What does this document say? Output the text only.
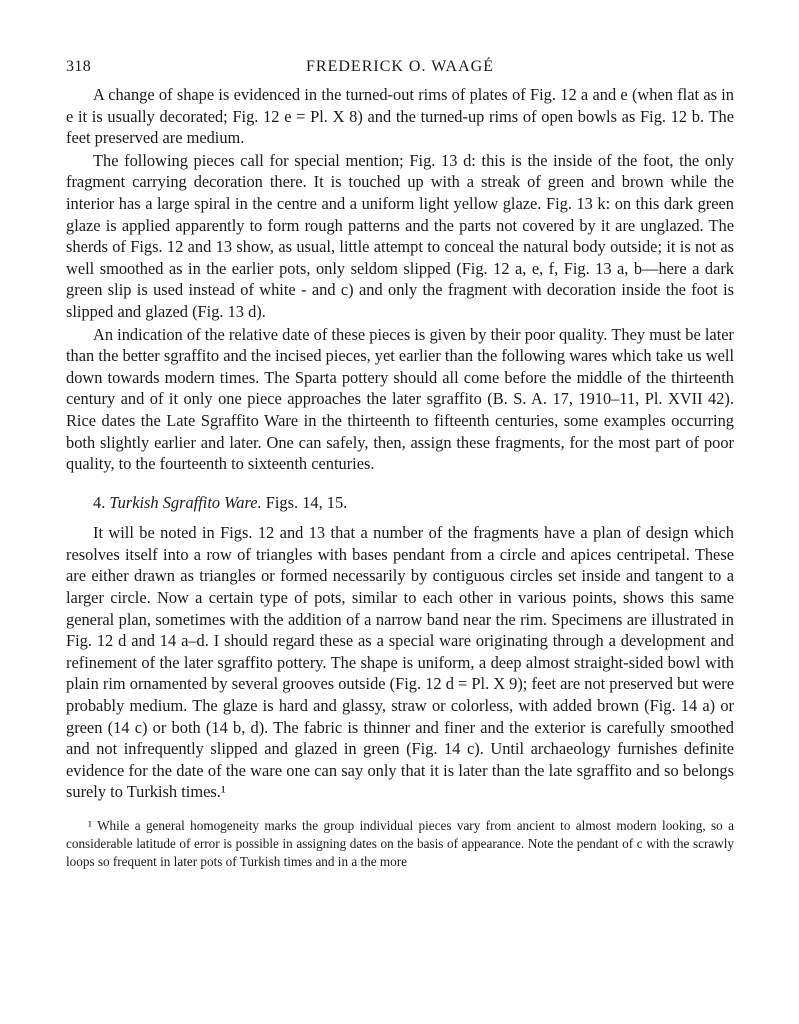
318	FREDERICK O. WAAGÉ

A change of shape is evidenced in the turned-out rims of plates of Fig. 12 a and e (when flat as in e it is usually decorated; Fig. 12 e = Pl. X 8) and the turned-up rims of open bowls as Fig. 12 b. The feet preserved are medium.

The following pieces call for special mention; Fig. 13 d: this is the inside of the foot, the only fragment carrying decoration there. It is touched up with a streak of green and brown while the interior has a large spiral in the centre and a uniform light yellow glaze. Fig. 13 k: on this dark green glaze is applied apparently to form rough patterns and the parts not covered by it are unglazed. The sherds of Figs. 12 and 13 show, as usual, little attempt to conceal the natural body outside; it is not as well smoothed as in the earlier pots, only seldom slipped (Fig. 12 a, e, f, Fig. 13 a, b—here a dark green slip is used instead of white - and c) and only the fragment with decoration inside the foot is slipped and glazed (Fig. 13 d).

An indication of the relative date of these pieces is given by their poor quality. They must be later than the better sgraffito and the incised pieces, yet earlier than the following wares which take us well down towards modern times. The Sparta pottery should all come before the middle of the thirteenth century and of it only one piece approaches the later sgraffito (B. S. A. 17, 1910–11, Pl. XVII 42). Rice dates the Late Sgraffito Ware in the thirteenth to fifteenth centuries, some examples occurring both slightly earlier and later. One can safely, then, assign these fragments, for the most part of poor quality, to the fourteenth to sixteenth centuries.

4. Turkish Sgraffito Ware. Figs. 14, 15.

It will be noted in Figs. 12 and 13 that a number of the fragments have a plan of design which resolves itself into a row of triangles with bases pendant from a circle and apices centripetal. These are either drawn as triangles or formed necessarily by contiguous circles set inside and tangent to a larger circle. Now a certain type of pots, similar to each other in various points, shows this same general plan, sometimes with the addition of a narrow band near the rim. Specimens are illustrated in Fig. 12 d and 14 a–d. I should regard these as a special ware originating through a development and refinement of the later sgraffito pottery. The shape is uniform, a deep almost straight-sided bowl with plain rim ornamented by several grooves outside (Fig. 12 d = Pl. X 9); feet are not preserved but were probably medium. The glaze is hard and glassy, straw or colorless, with added brown (Fig. 14 a) or green (14 c) or both (14 b, d). The fabric is thinner and finer and the exterior is carefully smoothed and not infrequently slipped and glazed in green (Fig. 14 c). Until archaeology furnishes definite evidence for the date of the ware one can say only that it is later than the late sgraffito and so belongs surely to Turkish times.¹

¹ While a general homogeneity marks the group individual pieces vary from ancient to almost modern looking, so a considerable latitude of error is possible in assigning dates on the basis of appearance. Note the pendant of c with the scrawly loops so frequent in later pots of Turkish times and in a the more
